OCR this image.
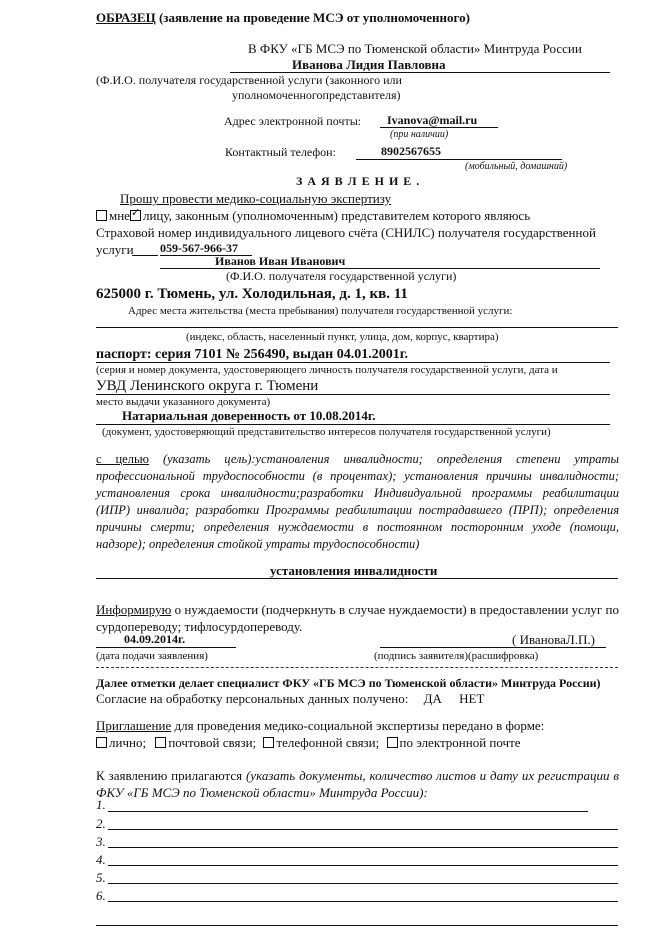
ОБРАЗЕЦ (заявление на проведение МСЭ от уполномоченного)
В ФКУ «ГБ МСЭ по Тюменской области» Минтруда России
Иванова Лидия Павловна
(Ф.И.О. получателя государственной услуги (законного или
уполномоченногопредставителя)
Адрес электронной почты: Ivanova@mail.ru
(при наличии)
Контактный телефон:	8902567655
(мобильный, домашний)
З А Я В Л Е Н И Е .
Прошу провести медико-социальную экспертизу
мне✓ лицу, законным (уполномоченным) представителем которого являюсь
Страховой номер индивидуального лицевого счёта (СНИЛС) получателя государственной
услуги 059-567-966-37
Иванов Иван Иванович
(Ф.И.О. получателя государственной услуги)
625000 г. Тюмень, ул. Холодильная, д. 1, кв. 11
Адрес места жительства (места пребывания) получателя государственной услуги:
(индекс, область, населенный пункт, улица, дом, корпус, квартира)
паспорт: серия 7101 № 256490, выдан 04.01.2001г.
(серия и номер документа, удостоверяющего личность получателя государственной услуги, дата и
УВД Ленинского округа г. Тюмени
место выдачи указанного документа)
Натариальная доверенность от 10.08.2014г.
(документ, удостоверяющий представительство интересов получателя государственной услуги)
с целью (указать цель):установления инвалидности; определения степени утраты профессиональной трудоспособности (в процентах); установления причины инвалидности; установления срока инвалидности;разработки Индивидуальной программы реабилитации (ИПР) инвалида; разработки Программы реабилитации пострадавшего (ПРП); определения причины смерти; определения нуждаемости в постоянном посторонним уходе (помощи, надзоре); определения стойкой утраты трудоспособности)
установления инвалидности
Информирую о нуждаемости (подчеркнуть в случае нуждаемости) в предоставлении услуг по сурдопереводу; тифлосурдопереводу.
04.09.2014г.	( ИвановаЛ.П.)
(дата подачи заявления)	(подпись заявителя)(расшифровка)
Далее отметки делает специалист ФКУ «ГБ МСЭ по Тюменской области» Минтруда России)
Согласие на обработку персональных данных получено: ДА НЕТ
Приглашение для проведения медико-социальной экспертизы передано в форме:
лично; почтовой связи; телефонной связи; по электронной почте
К заявлению прилагаются (указать документы, количество листов и дату их регистрации в ФКУ «ГБ МСЭ по Тюменской области» Минтруда России):
1.
2.
3.
4.
5.
6.
